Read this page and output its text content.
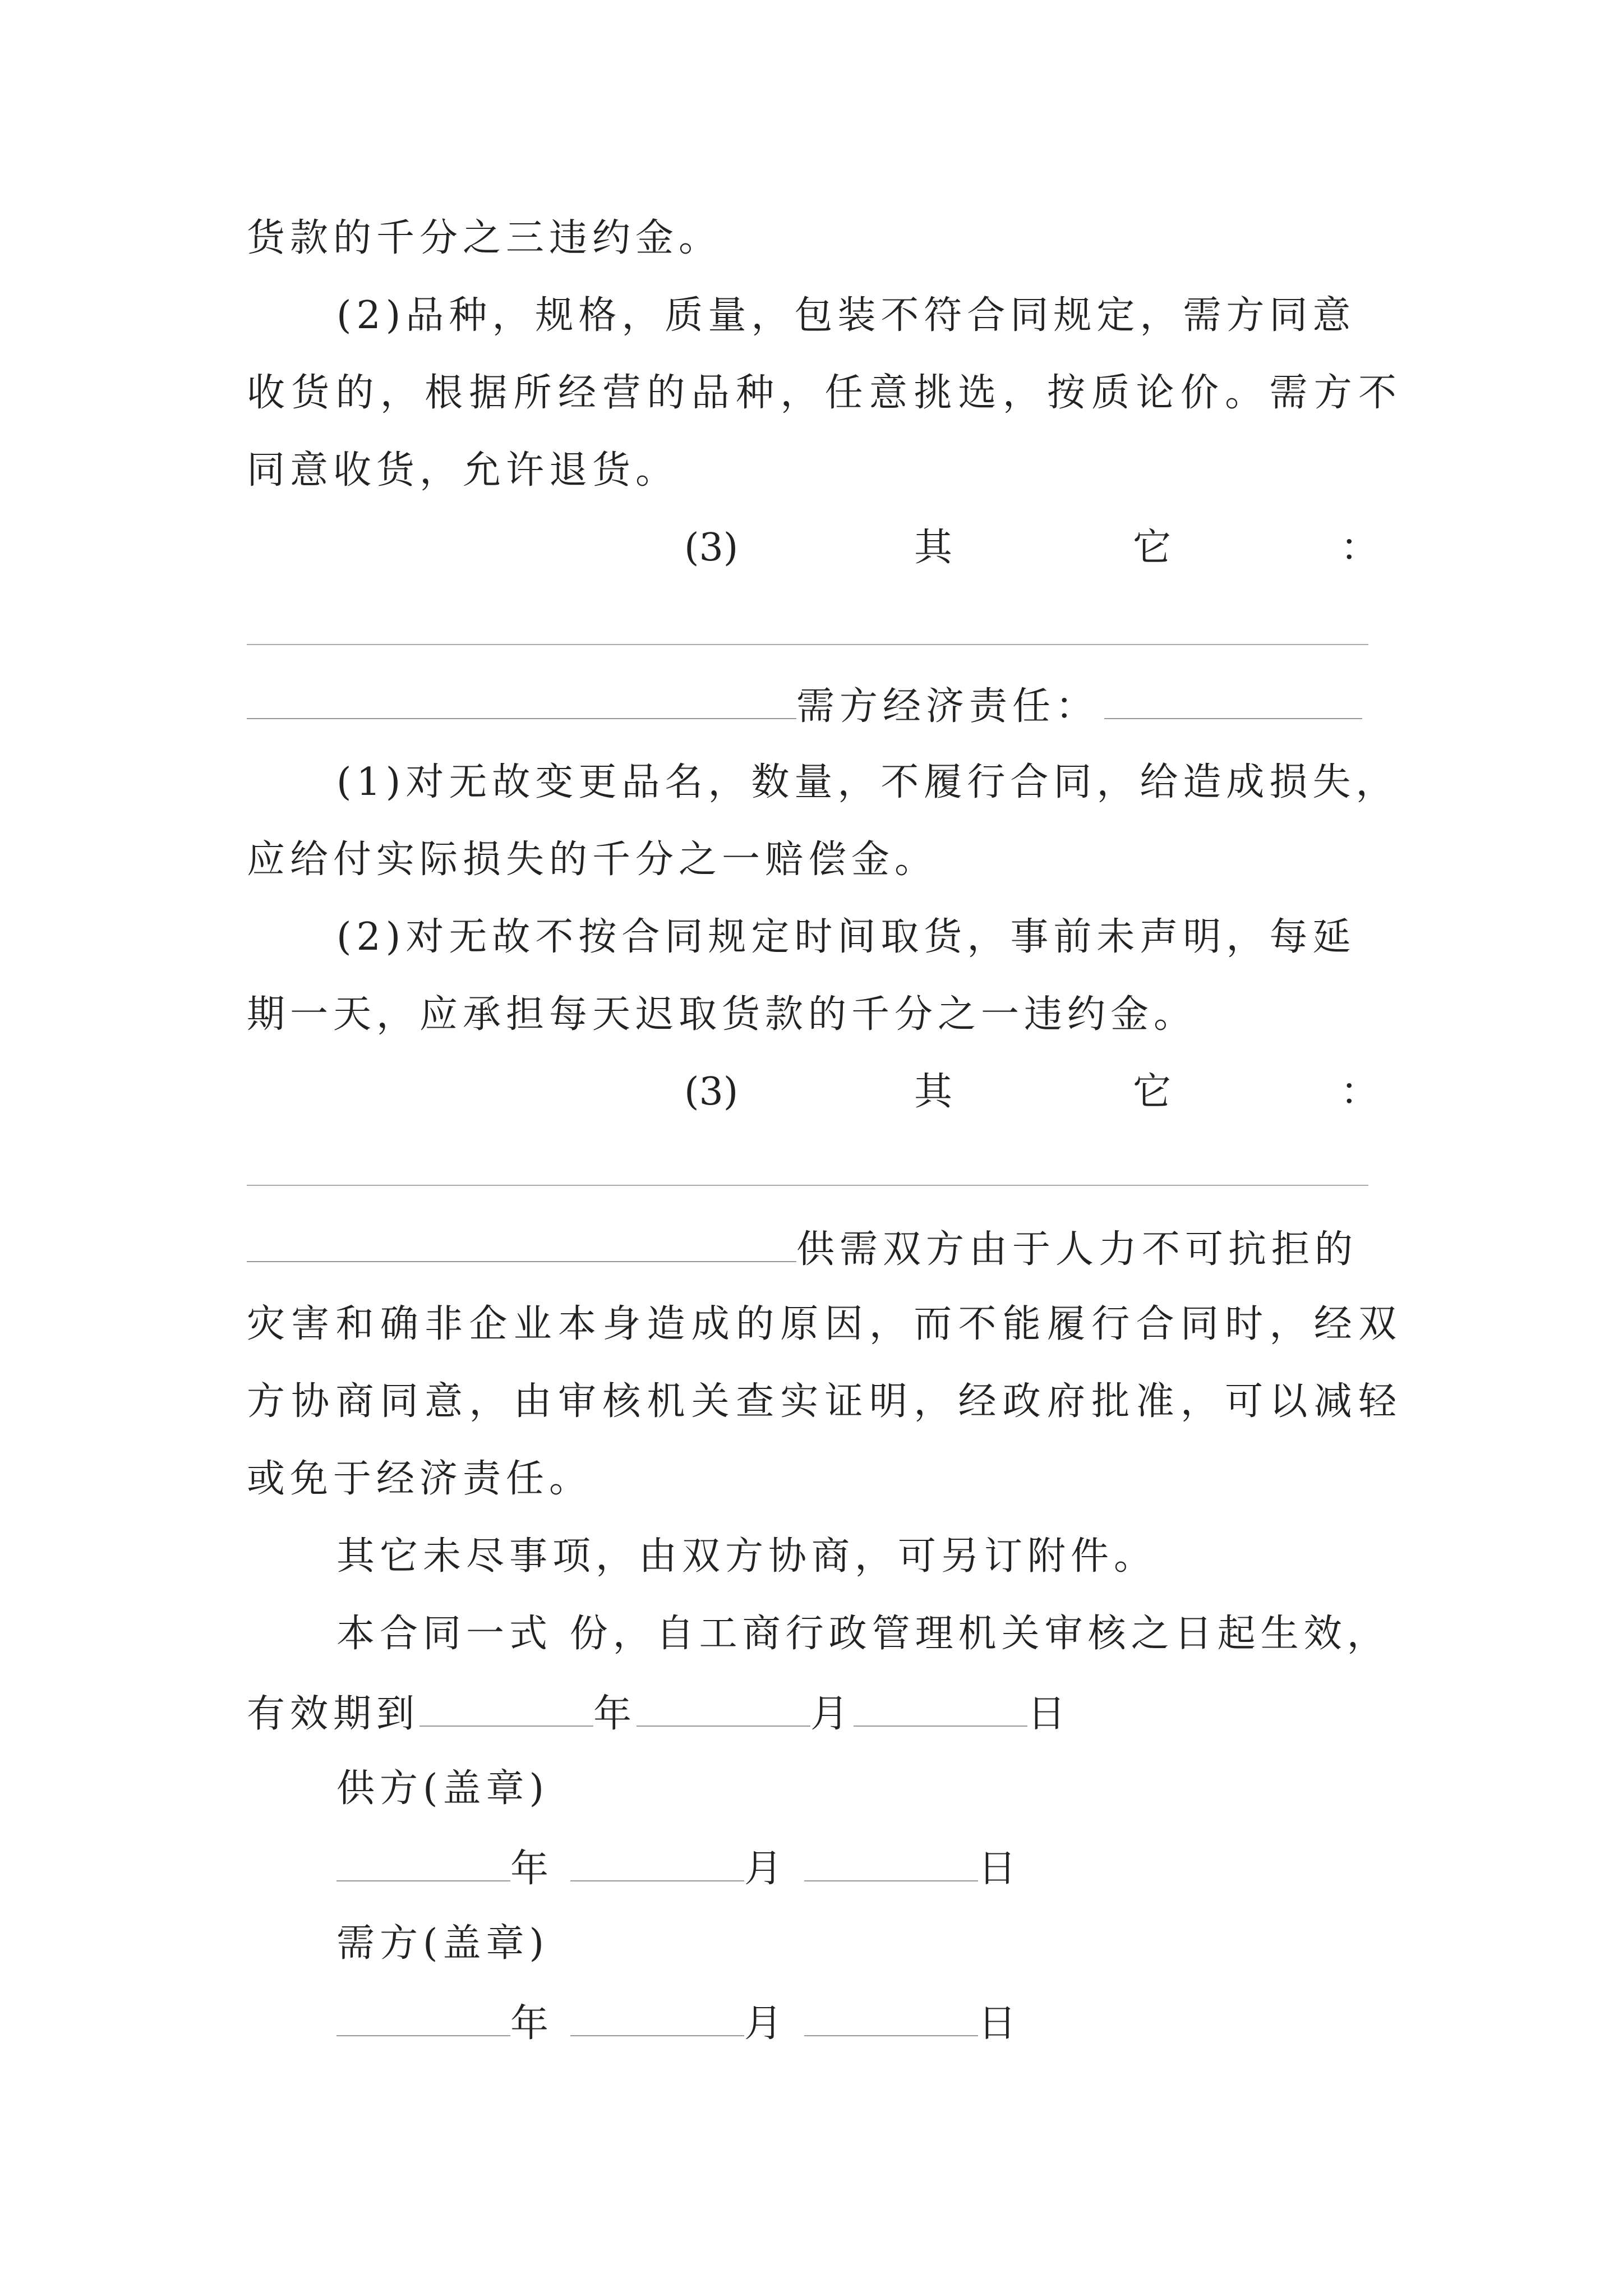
货款的千分之三违约金。
(2)品种，规格，质量，包装不符合同规定，需方同意
收货的，根据所经营的品种，任意挑选，按质论价。需方不
同意收货，允许退货。
(3)	其	它	：
需方经济责任：
(1)对无故变更品名，数量，不履行合同，给造成损失，
应给付实际损失的千分之一赔偿金。
(2)对无故不按合同规定时间取货，事前未声明，每延
期一天，应承担每天迟取货款的千分之一违约金。
(3)	其	它	：
供需双方由于人力不可抗拒的
灾害和确非企业本身造成的原因，而不能履行合同时，经双
方协商同意，由审核机关查实证明，经政府批准，可以减轻
或免于经济责任。
其它未尽事项，由双方协商，可另订附件。
本合同一式 份，自工商行政管理机关审核之日起生效，
有效期到	年	月	日
供方(盖章)
年	月	日
需方(盖章)
年	月	日
